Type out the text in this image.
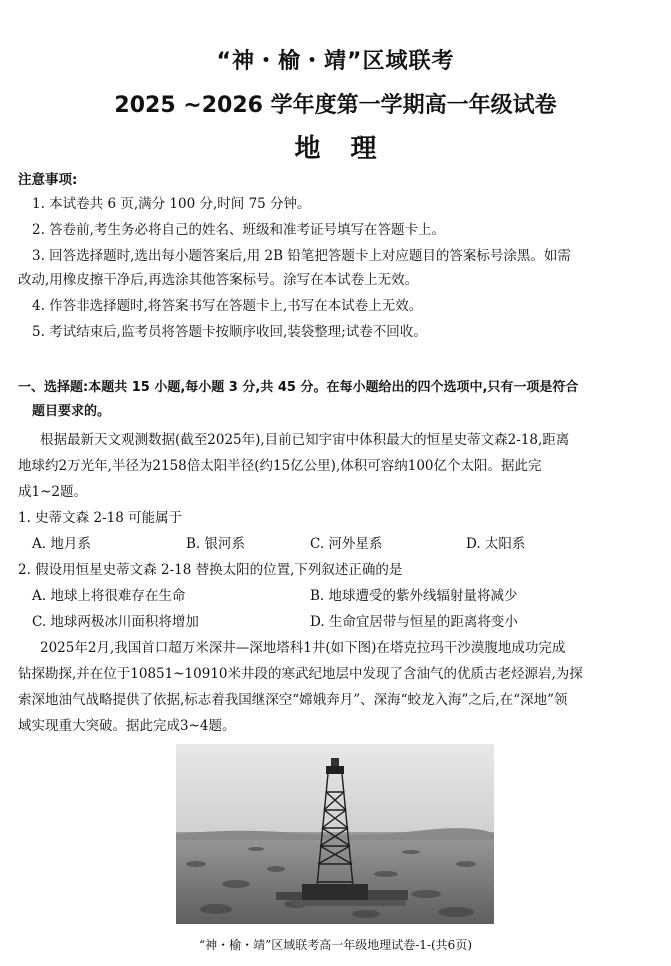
“神・榆・靖”区域联考
2025 ~2026 学年度第一学期高一年级试卷
地理
注意事项:
1. 本试卷共 6 页,满分 100 分,时间 75 分钟。
2. 答卷前,考生务必将自己的姓名、班级和准考证号填写在答题卡上。
3. 回答选择题时,选出每小题答案后,用 2B 铅笔把答题卡上对应题目的答案标号涂黑。如需
改动,用橡皮擦干净后,再选涂其他答案标号。涂写在本试卷上无效。
4. 作答非选择题时,将答案书写在答题卡上,书写在本试卷上无效。
5. 考试结束后,监考员将答题卡按顺序收回,装袋整理;试卷不回收。
一、选择题:本题共 15 小题,每小题 3 分,共 45 分。在每小题给出的四个选项中,只有一项是符合
题目要求的。
根据最新天文观测数据(截至2025年),目前已知宇宙中体积最大的恒星史蒂文森2-18,距离
地球约2万光年,半径为2158倍太阳半径(约15亿公里),体积可容纳100亿个太阳。据此完
成1~2题。
1. 史蒂文森 2-18 可能属于
A. 地月系	B. 银河系	C. 河外星系	D. 太阳系
2. 假设用恒星史蒂文森 2-18 替换太阳的位置,下列叙述正确的是
A. 地球上将很难存在生命	B. 地球遭受的紫外线辐射量将减少
C. 地球两极冰川面积将增加	D. 生命宜居带与恒星的距离将变小
2025年2月,我国首口超万米深井—深地塔科1井(如下图)在塔克拉玛干沙漠腹地成功完成
钻探勘探,并在位于10851~10910米井段的寒武纪地层中发现了含油气的优质古老烃源岩,为探
索深地油气战略提供了依据,标志着我国继深空“嫦娥奔月”、深海“蛟龙入海”之后,在“深地”领
域实现重大突破。据此完成3~4题。
“神・榆・靖”区域联考高一年级地理试卷-1-(共6页)
